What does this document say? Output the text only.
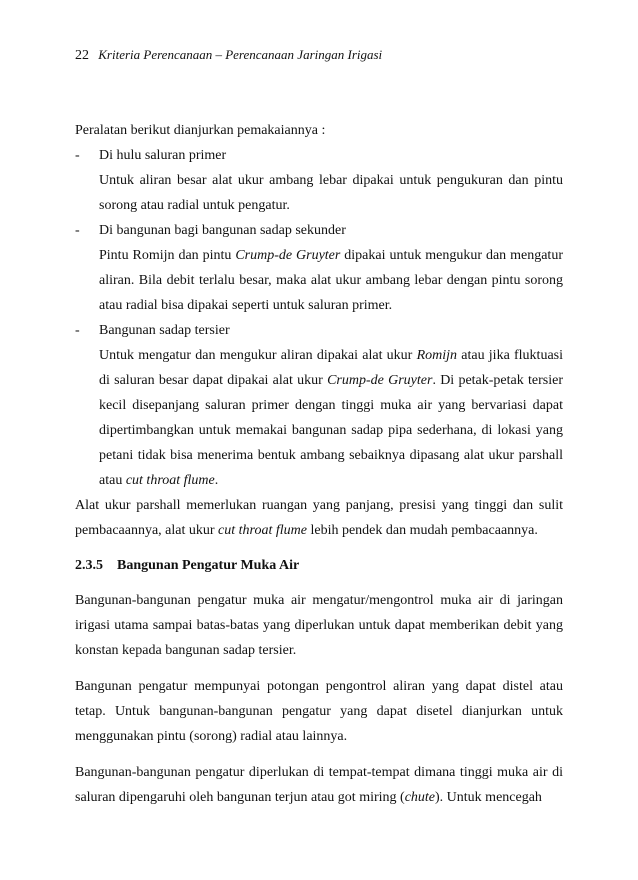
22 Kriteria Perencanaan – Perencanaan Jaringan Irigasi

Peralatan berikut dianjurkan pemakaiannya :

-	Di hulu saluran primer

Untuk aliran besar alat ukur ambang lebar dipakai untuk pengukuran dan pintu sorong atau radial untuk pengatur.

-	Di bangunan bagi bangunan sadap sekunder

Pintu Romijn dan pintu Crump-de Gruyter dipakai untuk mengukur dan mengatur aliran. Bila debit terlalu besar, maka alat ukur ambang lebar dengan pintu sorong atau radial bisa dipakai seperti untuk saluran primer.

-	Bangunan sadap tersier

Untuk mengatur dan mengukur aliran dipakai alat ukur Romijn atau jika fluktuasi di saluran besar dapat dipakai alat ukur Crump-de Gruyter. Di petak-petak tersier kecil disepanjang saluran primer dengan tinggi muka air yang bervariasi dapat dipertimbangkan untuk memakai bangunan sadap pipa sederhana, di lokasi yang petani tidak bisa menerima bentuk ambang sebaiknya dipasang alat ukur parshall atau cut throat flume.

Alat ukur parshall memerlukan ruangan yang panjang, presisi yang tinggi dan sulit pembacaannya, alat ukur cut throat flume lebih pendek dan mudah pembacaannya.

2.3.5 Bangunan Pengatur Muka Air

Bangunan-bangunan pengatur muka air mengatur/mengontrol muka air di jaringan irigasi utama sampai batas-batas yang diperlukan untuk dapat memberikan debit yang konstan kepada bangunan sadap tersier.

Bangunan pengatur mempunyai potongan pengontrol aliran yang dapat distel atau tetap. Untuk bangunan-bangunan pengatur yang dapat disetel dianjurkan untuk menggunakan pintu (sorong) radial atau lainnya.

Bangunan-bangunan pengatur diperlukan di tempat-tempat dimana tinggi muka air di saluran dipengaruhi oleh bangunan terjun atau got miring (chute). Untuk mencegah
